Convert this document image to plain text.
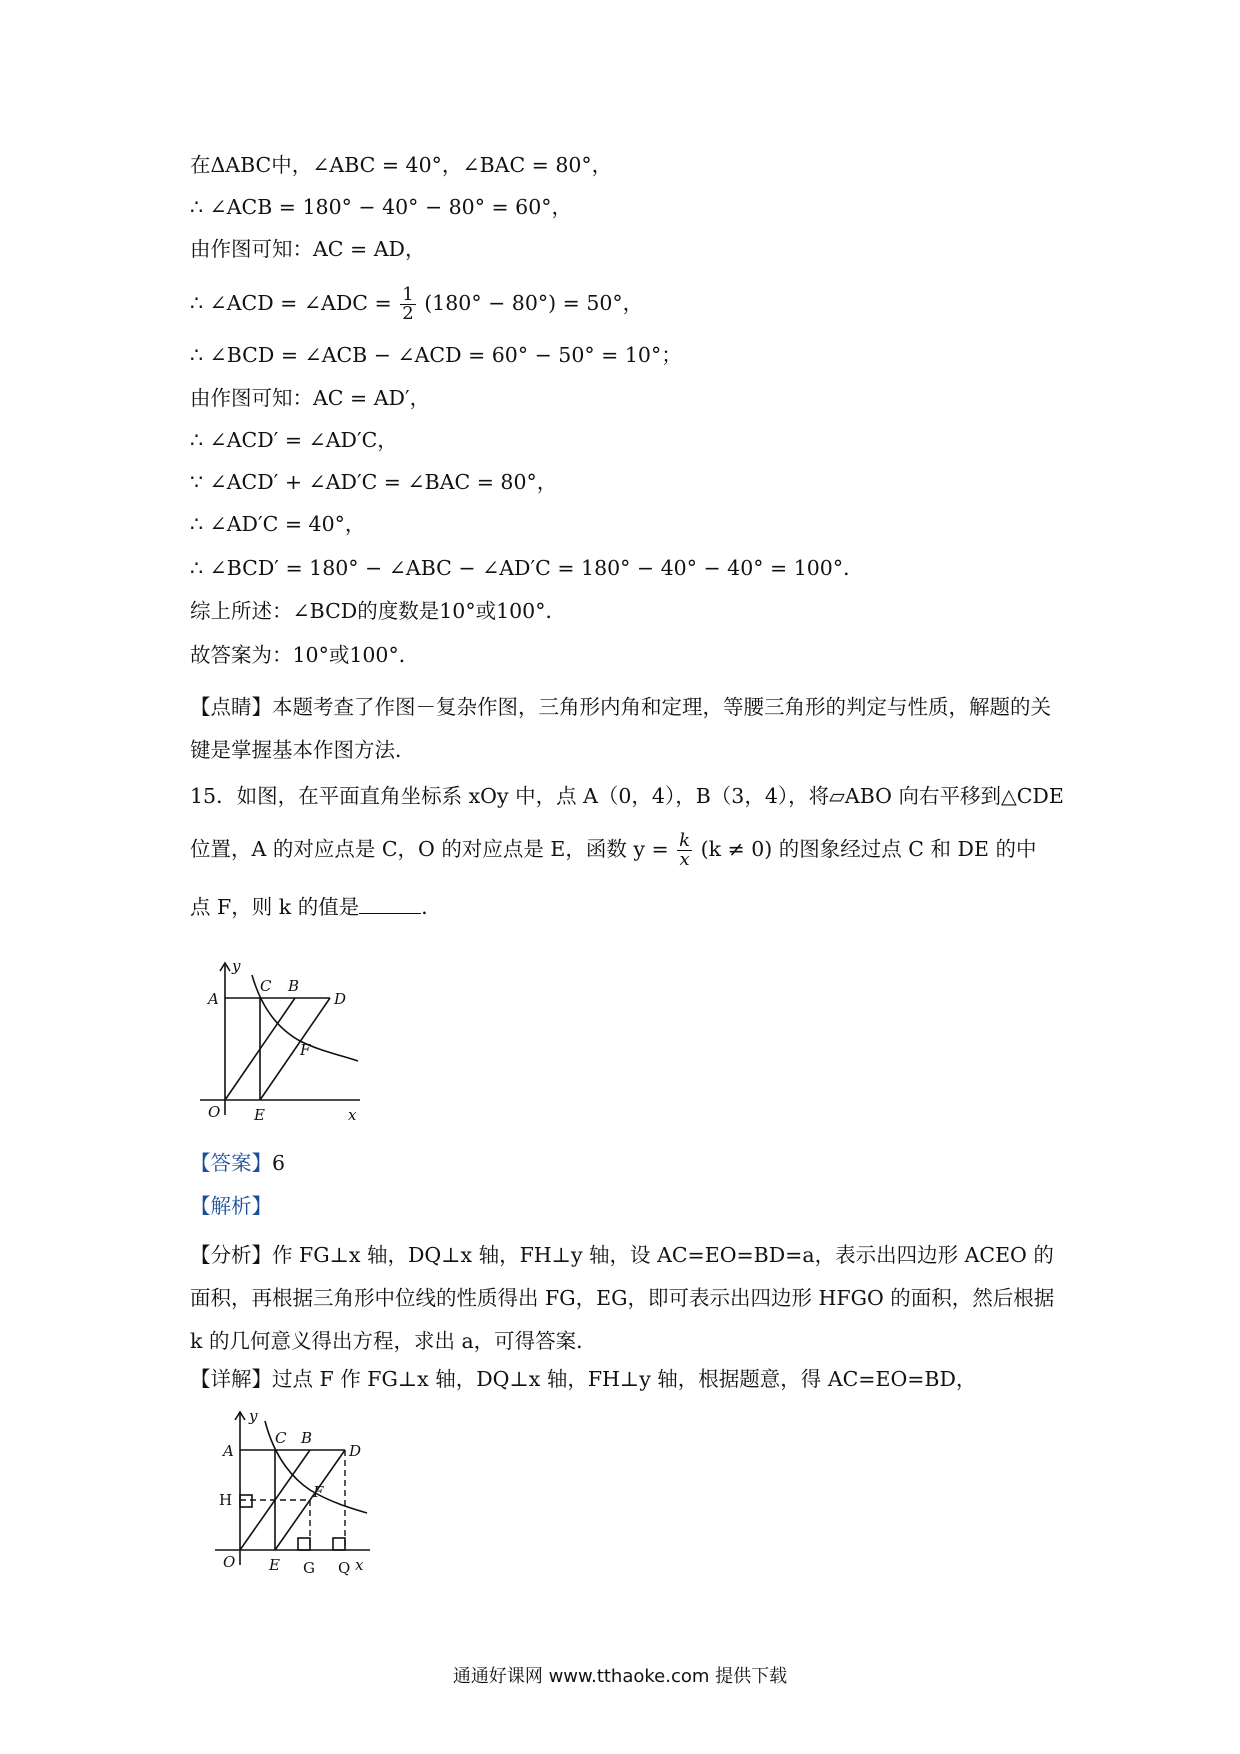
在ΔABC中，∠ABC = 40°，∠BAC = 80°，
∴ ∠ACB = 180° − 40° − 80° = 60°，
由作图可知：AC = AD，
∴ ∠ACD = ∠ADC = $\frac{1}{2} (180^\circ - 80^\circ) = 50^\circ$，
∴ ∠BCD = ∠ACB − ∠ACD = 60° − 50° = 10°；
由作图可知：AC = AD′，
∴ ∠ACD′ = ∠AD′C，
∵ ∠ACD′ + ∠AD′C = ∠BAC = 80°，
∴ ∠AD′C = 40°，
∴ ∠BCD′ = 180° − ∠ABC − ∠AD′C = 180° − 40° − 40° = 100°．
综上所述：∠BCD的度数是10°或100°．
故答案为：10°或100°．
【点睛】本题考查了作图－复杂作图，三角形内角和定理，等腰三角形的判定与性质，解题的关键是掌握基本作图方法．
15．如图，在平面直角坐标系 xOy 中，点 A（0，4），B（3，4），将▱ABO 向右平移到△CDE
位置，A 的对应点是 C，O 的对应点是 E，函数 $y = \frac{k}{x} (k \ne 0)$ 的图象经过点 C 和 DE 的中
点 F，则 k 的值是	．
y
C B
A	D
F
O E	x
【答案】6
【解析】
【分析】作 FG⊥x 轴，DQ⊥x 轴，FH⊥y 轴，设 AC=EO=BD=a，表示出四边形 ACEO 的面积，再根据三角形中位线的性质得出 FG，EG，即可表示出四边形 HFGO 的面积，然后根据 k 的几何意义得出方程，求出 a，可得答案．
【详解】过点 F 作 FG⊥x 轴，DQ⊥x 轴，FH⊥y 轴，根据题意，得 AC=EO=BD，
y
C B
A	D
H	F
O E G Q x
通通好课网 www.tthaoke.com 提供下载
